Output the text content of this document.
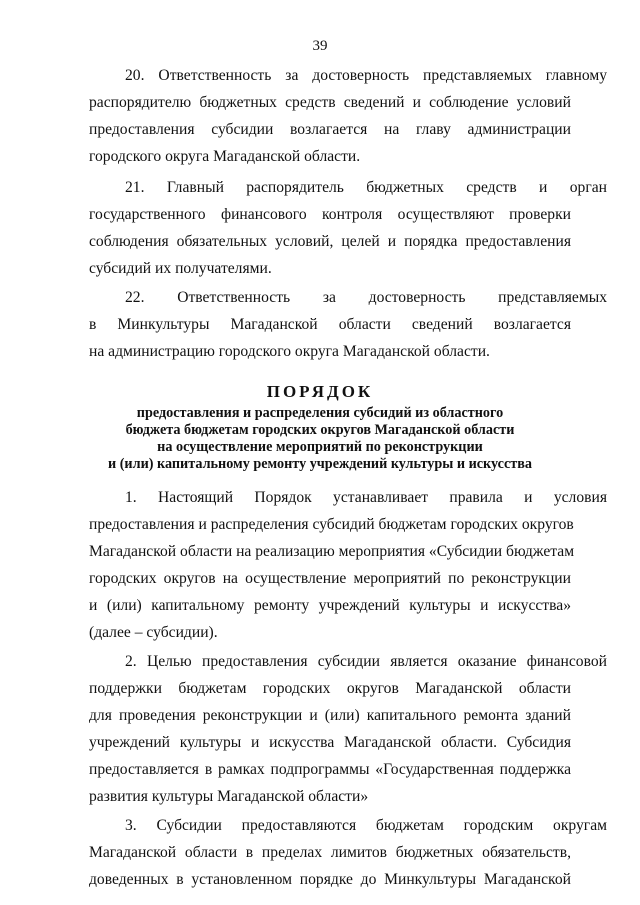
39
20. Ответственность за достоверность представляемых главному
распорядителю бюджетных средств сведений и соблюдение условий
предоставления субсидии возлагается на главу администрации
городского округа Магаданской области.
21. Главный распорядитель бюджетных средств и орган
государственного финансового контроля осуществляют проверки
соблюдения обязательных условий, целей и порядка предоставления
субсидий их получателями.
22. Ответственность за достоверность представляемых
в Минкультуры Магаданской области сведений возлагается
на администрацию городского округа Магаданской области.
ПОРЯДОК
предоставления и распределения субсидий из областного
бюджета бюджетам городских округов Магаданской области
на осуществление мероприятий по реконструкции
и (или) капитальному ремонту учреждений культуры и искусства
1. Настоящий Порядок устанавливает правила и условия
предоставления и распределения субсидий бюджетам городских округов
Магаданской области на реализацию мероприятия «Субсидии бюджетам
городских округов на осуществление мероприятий по реконструкции
и (или) капитальному ремонту учреждений культуры и искусства»
(далее – субсидии).
2. Целью предоставления субсидии является оказание финансовой
поддержки бюджетам городских округов Магаданской области
для проведения реконструкции и (или) капитального ремонта зданий
учреждений культуры и искусства Магаданской области. Субсидия
предоставляется в рамках подпрограммы «Государственная поддержка
развития культуры Магаданской области»
3. Субсидии предоставляются бюджетам городским округам
Магаданской области в пределах лимитов бюджетных обязательств,
доведенных в установленном порядке до Минкультуры Магаданской
